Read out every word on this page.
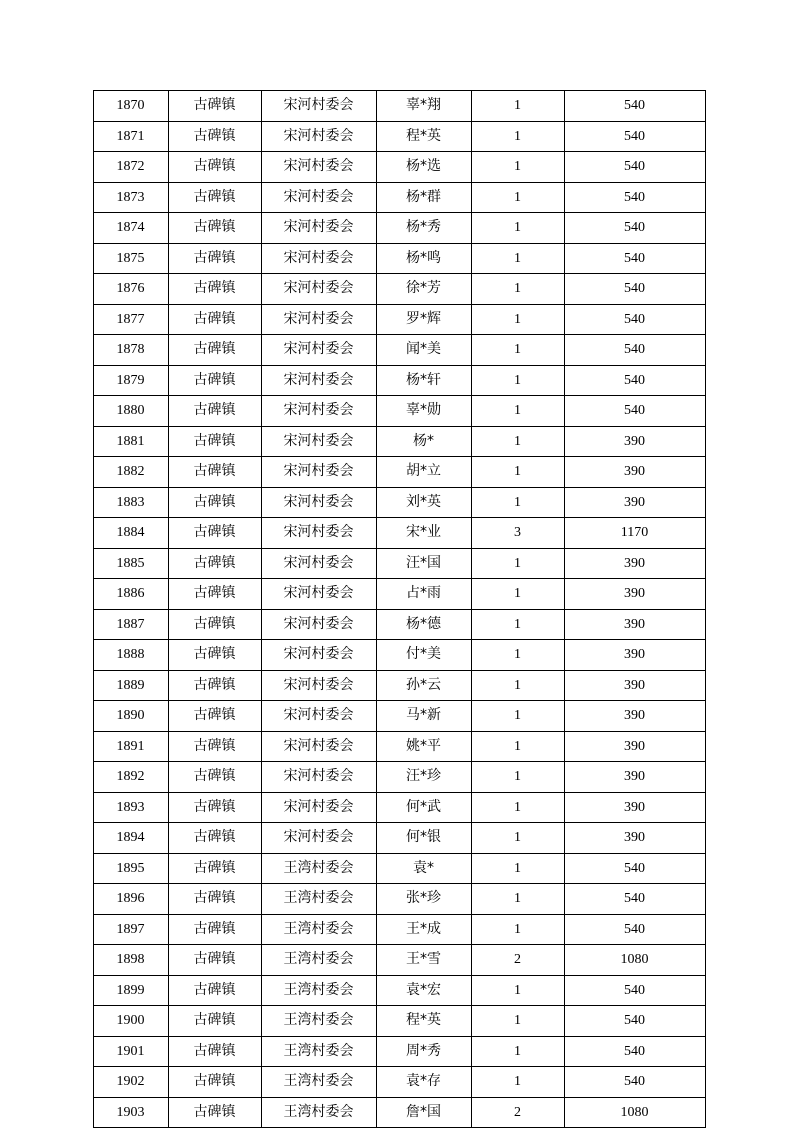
1870	古碑镇	宋河村委会	辜*翔	1	540
1871	古碑镇	宋河村委会	程*英	1	540
1872	古碑镇	宋河村委会	杨*选	1	540
1873	古碑镇	宋河村委会	杨*群	1	540
1874	古碑镇	宋河村委会	杨*秀	1	540
1875	古碑镇	宋河村委会	杨*鸣	1	540
1876	古碑镇	宋河村委会	徐*芳	1	540
1877	古碑镇	宋河村委会	罗*辉	1	540
1878	古碑镇	宋河村委会	闻*美	1	540
1879	古碑镇	宋河村委会	杨*轩	1	540
1880	古碑镇	宋河村委会	辜*勋	1	540
1881	古碑镇	宋河村委会	杨*	1	390
1882	古碑镇	宋河村委会	胡*立	1	390
1883	古碑镇	宋河村委会	刘*英	1	390
1884	古碑镇	宋河村委会	宋*业	3	1170
1885	古碑镇	宋河村委会	汪*国	1	390
1886	古碑镇	宋河村委会	占*雨	1	390
1887	古碑镇	宋河村委会	杨*德	1	390
1888	古碑镇	宋河村委会	付*美	1	390
1889	古碑镇	宋河村委会	孙*云	1	390
1890	古碑镇	宋河村委会	马*新	1	390
1891	古碑镇	宋河村委会	姚*平	1	390
1892	古碑镇	宋河村委会	汪*珍	1	390
1893	古碑镇	宋河村委会	何*武	1	390
1894	古碑镇	宋河村委会	何*银	1	390
1895	古碑镇	王湾村委会	袁*	1	540
1896	古碑镇	王湾村委会	张*珍	1	540
1897	古碑镇	王湾村委会	王*成	1	540
1898	古碑镇	王湾村委会	王*雪	2	1080
1899	古碑镇	王湾村委会	袁*宏	1	540
1900	古碑镇	王湾村委会	程*英	1	540
1901	古碑镇	王湾村委会	周*秀	1	540
1902	古碑镇	王湾村委会	袁*存	1	540
1903	古碑镇	王湾村委会	詹*国	2	1080
